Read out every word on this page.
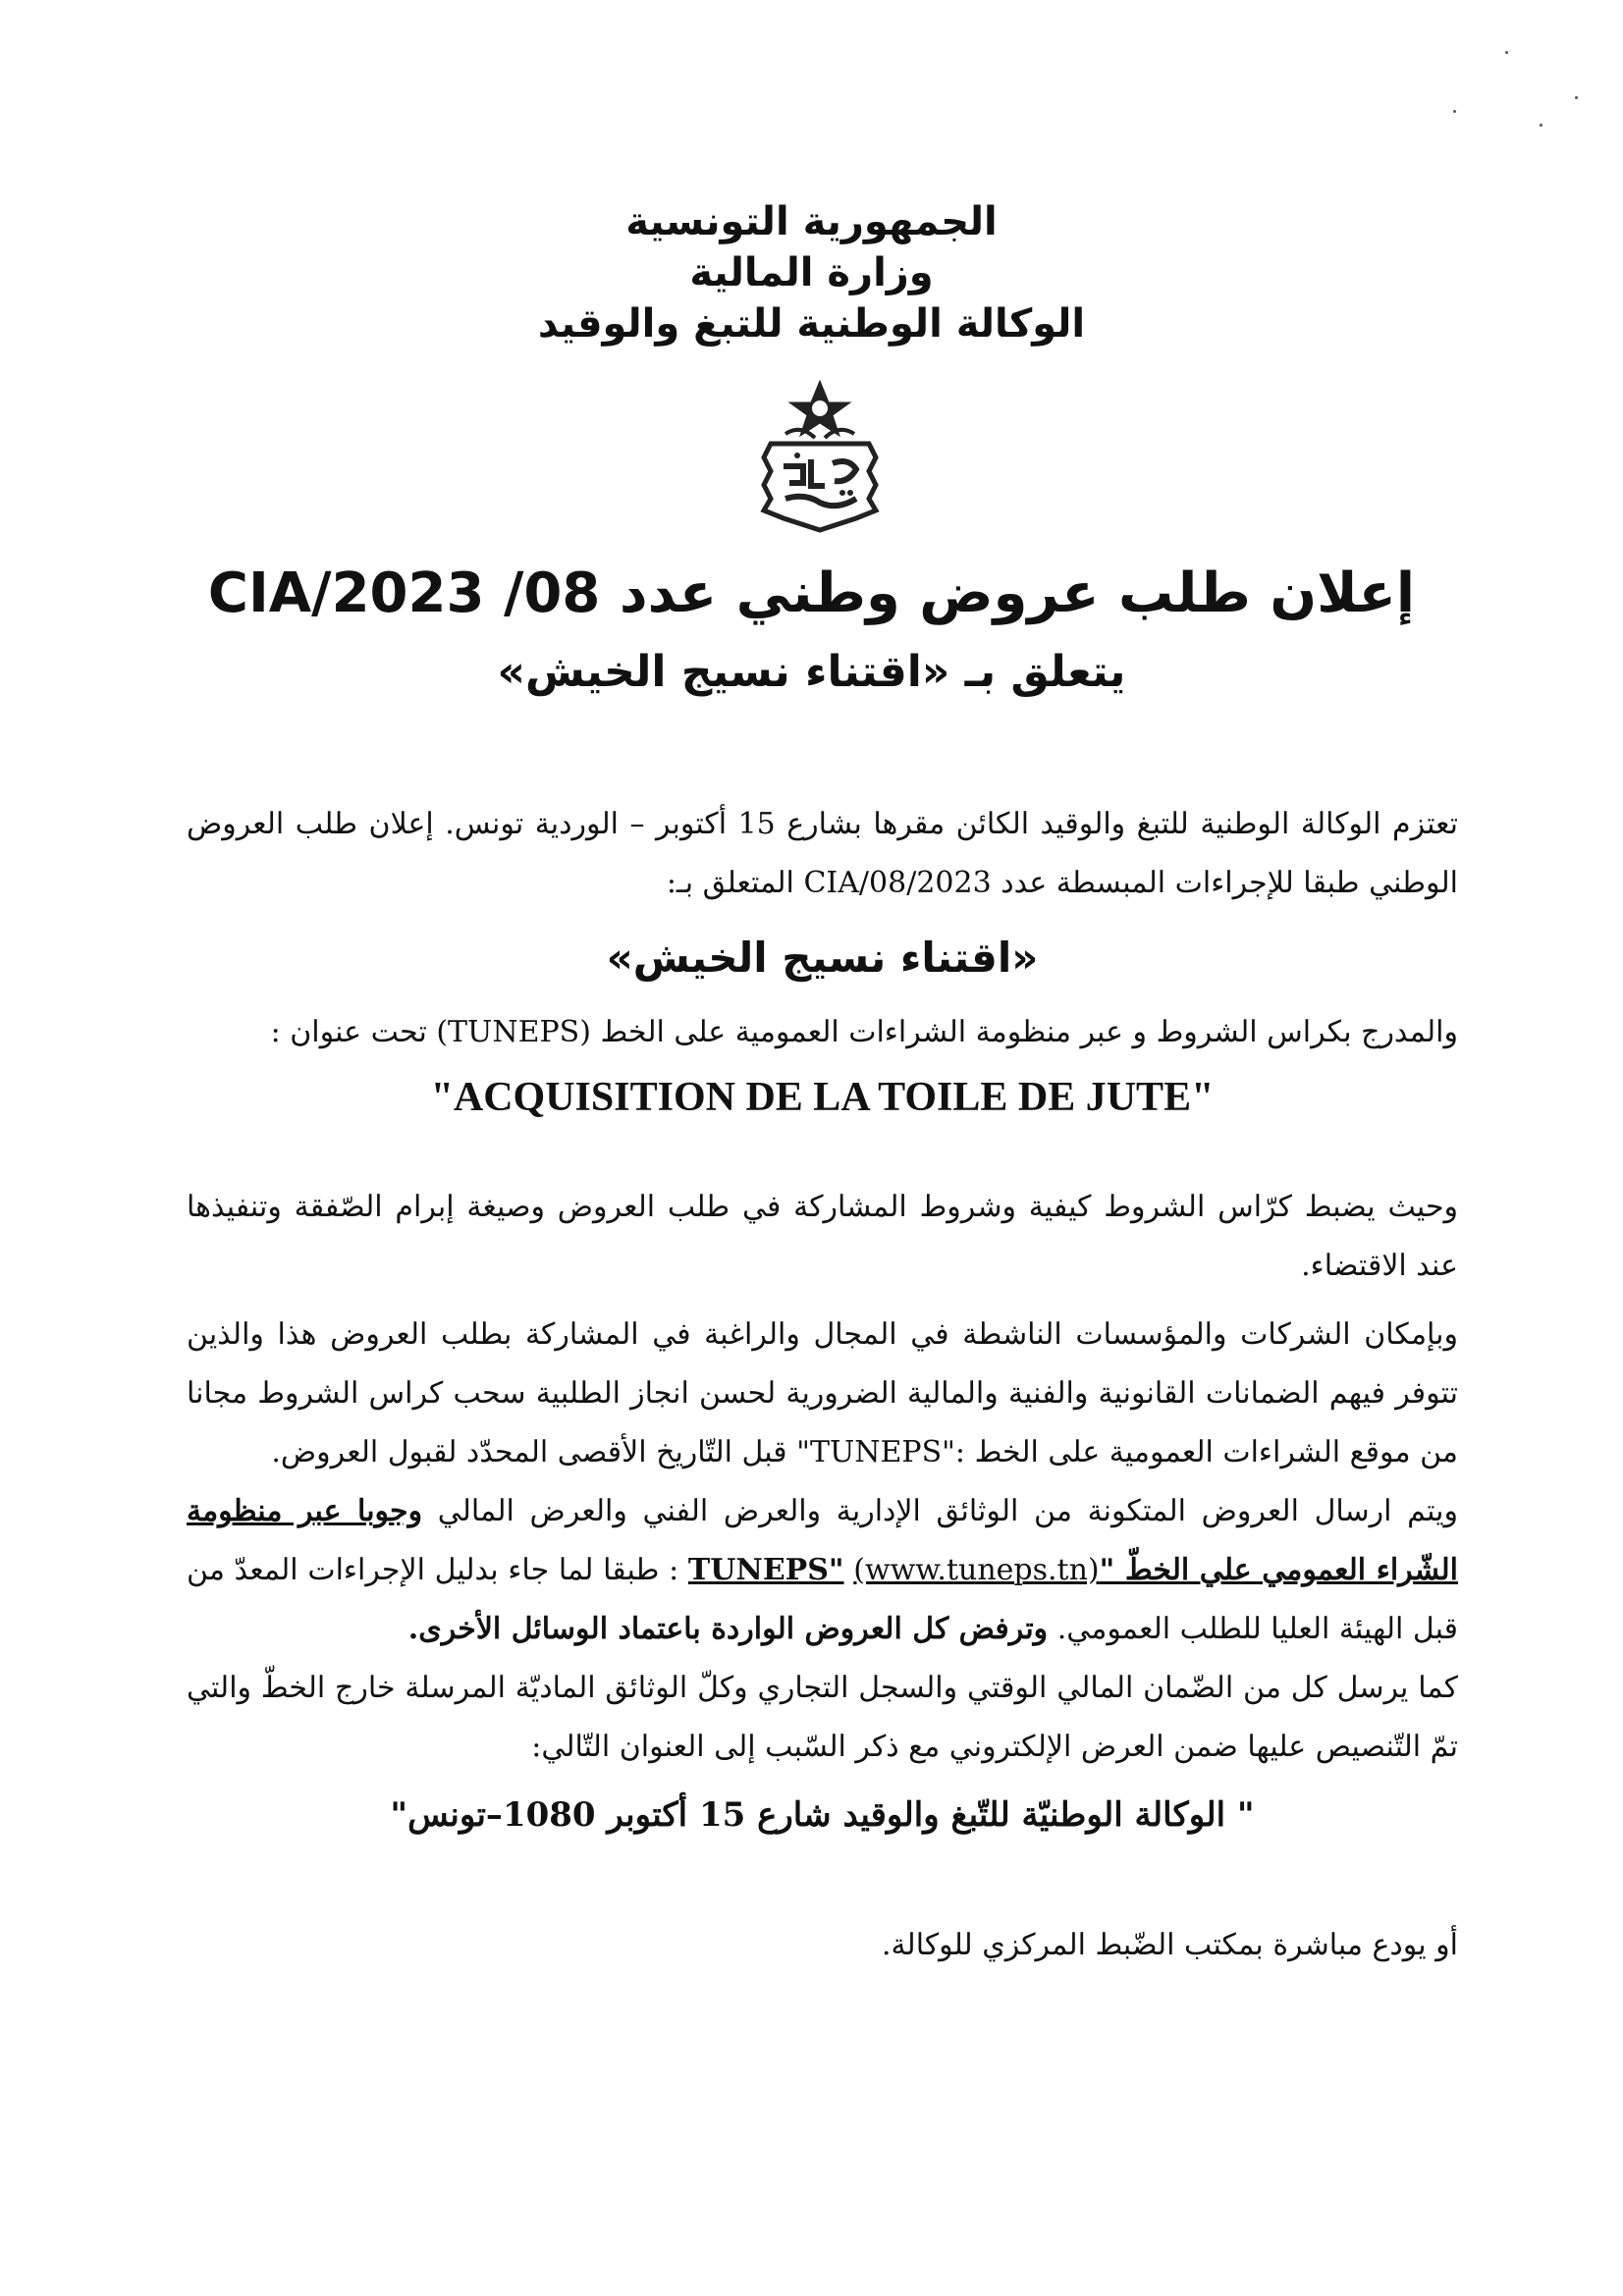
الجمهورية التونسية
وزارة المالية
الوكالة الوطنية للتبغ والوقيد
إعلان طلب عروض وطني عدد 08/ 2023/CIA
يتعلق بـ «اقتناء نسيج الخيش»

تعتزم الوكالة الوطنية للتبغ والوقيد الكائن مقرها بشارع 15 أكتوبر – الوردية تونس. إعلان طلب العروض الوطني طبقا للإجراءات المبسطة عدد 2023/CIA/08 المتعلق بـ:

«اقتناء نسيج الخيش»

والمدرج بكراس الشروط و عبر منظومة الشراءات العمومية على الخط (TUNEPS) تحت عنوان :

"ACQUISITION DE LA TOILE DE JUTE"

وحيث يضبط كرّاس الشروط كيفية وشروط المشاركة في طلب العروض وصيغة إبرام الصّفقة وتنفيذها عند الاقتضاء.

وبإمكان الشركات والمؤسسات الناشطة في المجال والراغبة في المشاركة بطلب العروض هذا والذين تتوفر فيهم الضمانات القانونية والفنية والمالية الضرورية لحسن انجاز الطلبية سحب كراس الشروط مجانا من موقع الشراءات العمومية على الخط :"TUNEPS" قبل التّاريخ الأقصى المحدّد لقبول العروض.

ويتم ارسال العروض المتكونة من الوثائق الإدارية والعرض الفني والعرض المالي وجوبا عبر منظومة الشّراء العمومي علي الخطّ "TUNEPS" (www.tuneps.tn) : طبقا لما جاء بدليل الإجراءات المعدّ من قبل الهيئة العليا للطلب العمومي. وترفض كل العروض الواردة باعتماد الوسائل الأخرى.

كما يرسل كل من الضّمان المالي الوقتي والسجل التجاري وكلّ الوثائق الماديّة المرسلة خارج الخطّ والتي تمّ التّنصيص عليها ضمن العرض الإلكتروني مع ذكر السّبب إلى العنوان التّالي:

" الوكالة الوطنيّة للتّبغ والوقيد شارع 15 أكتوبر 1080–تونس"

أو يودع مباشرة بمكتب الضّبط المركزي للوكالة.
